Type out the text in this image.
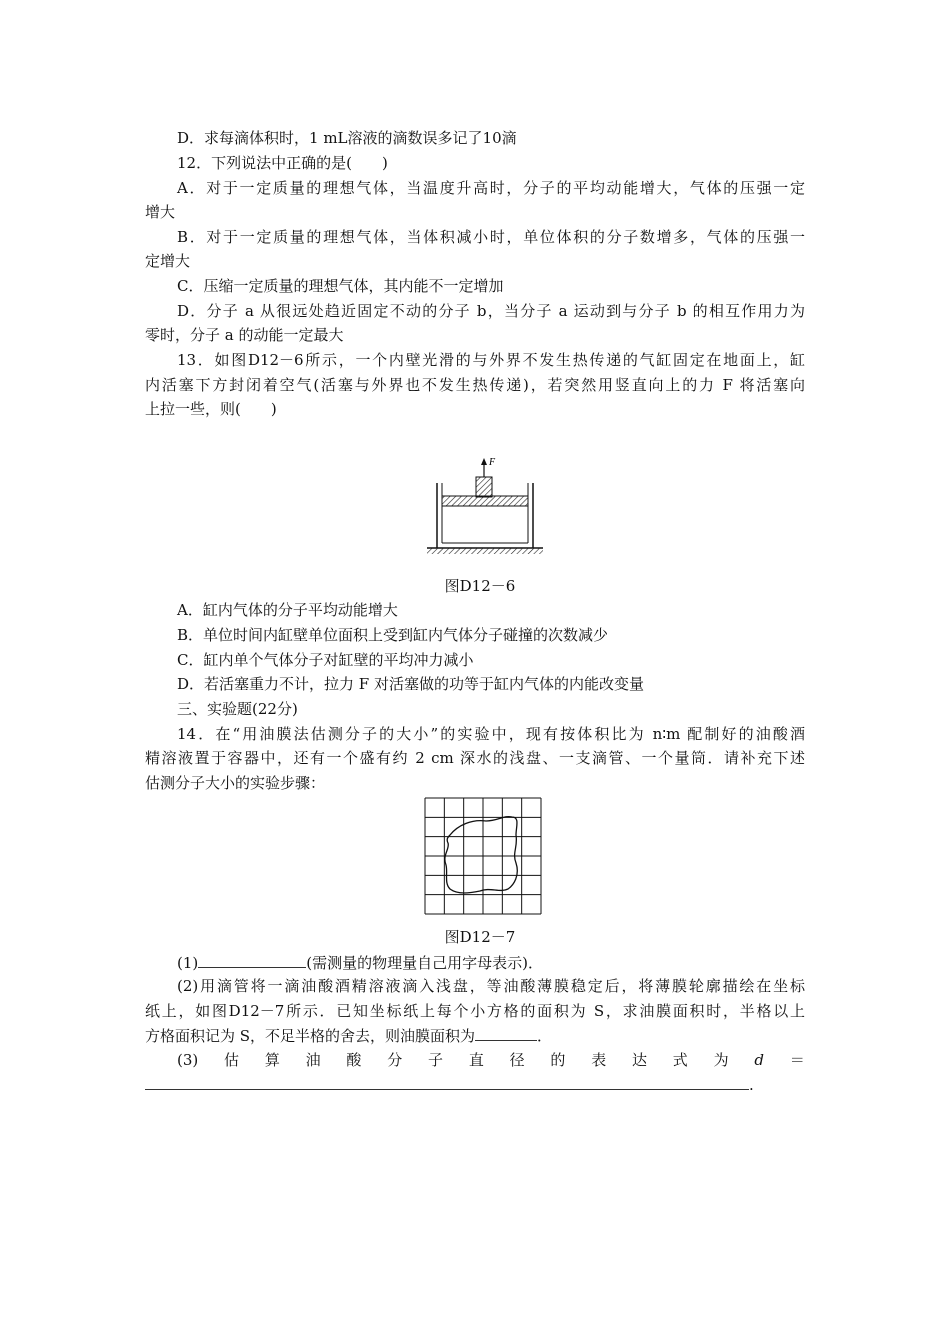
D．求每滴体积时，1 mL溶液的滴数误多记了10滴
12．下列说法中正确的是(　　)
A．对于一定质量的理想气体，当温度升高时，分子的平均动能增大，气体的压强一定
增大
B．对于一定质量的理想气体，当体积减小时，单位体积的分子数增多，气体的压强一
定增大
C．压缩一定质量的理想气体，其内能不一定增加
D．分子 a 从很远处趋近固定不动的分子 b，当分子 a 运动到与分子 b 的相互作用力为
零时，分子 a 的动能一定最大
13．如图D12－6所示，一个内壁光滑的与外界不发生热传递的气缸固定在地面上，缸
内活塞下方封闭着空气(活塞与外界也不发生热传递)，若突然用竖直向上的力 F 将活塞向
上拉一些，则(　　)
F
图D12－6
A．缸内气体的分子平均动能增大
B．单位时间内缸壁单位面积上受到缸内气体分子碰撞的次数减少
C．缸内单个气体分子对缸壁的平均冲力减小
D．若活塞重力不计，拉力 F 对活塞做的功等于缸内气体的内能改变量
三、实验题(22分)
14．在“用油膜法估测分子的大小”的实验中，现有按体积比为 n∶m 配制好的油酸酒
精溶液置于容器中，还有一个盛有约 2 cm 深水的浅盘、一支滴管、一个量筒．请补充下述
估测分子大小的实验步骤：
图D12－7
(1)	(需测量的物理量自己用字母表示)．
(2)用滴管将一滴油酸酒精溶液滴入浅盘，等油酸薄膜稳定后，将薄膜轮廓描绘在坐标
纸上，如图D12－7所示．已知坐标纸上每个小方格的面积为 S，求油膜面积时，半格以上
方格面积记为 S，不足半格的舍去，则油膜面积为	．
(3) 估 算 油 酸 分 子 直 径 的 表 达 式 为 d ＝
.
